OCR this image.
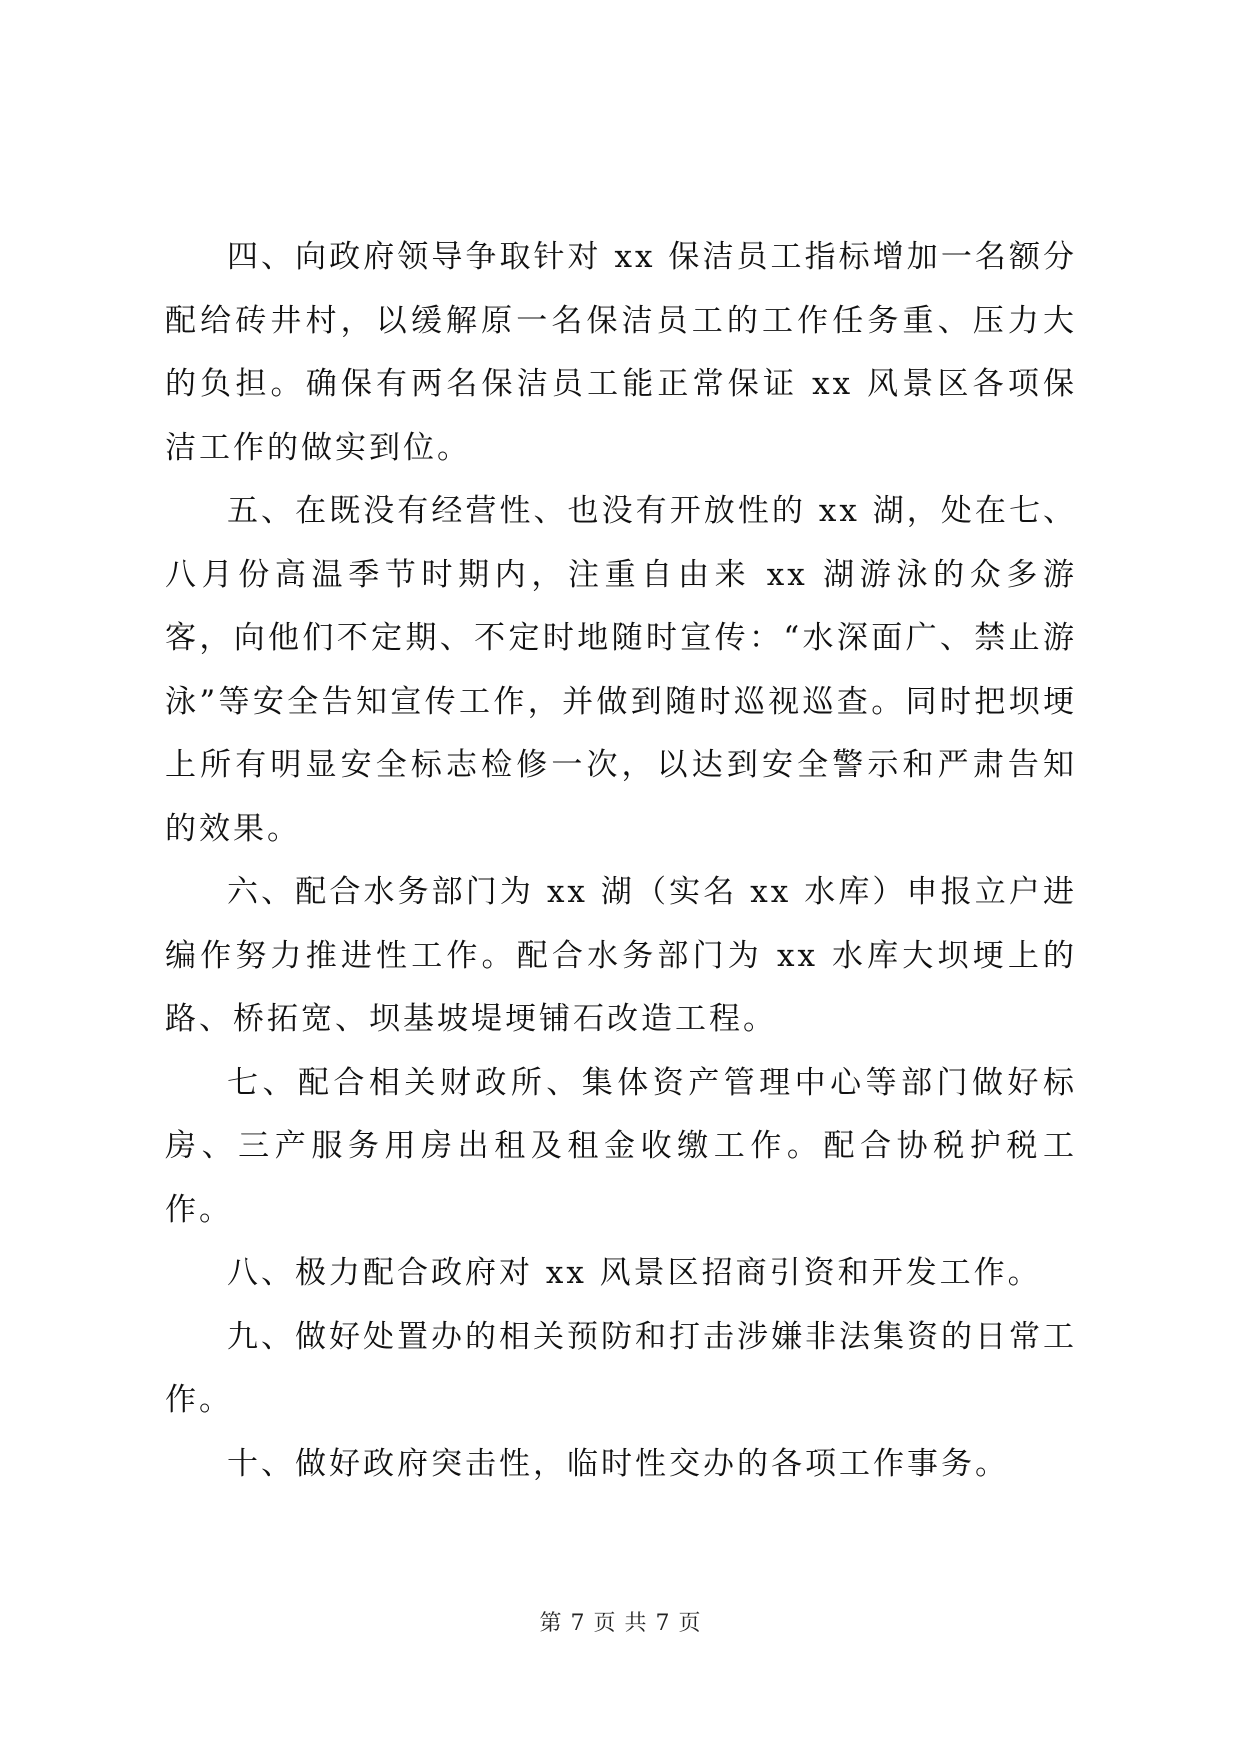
四、向政府领导争取针对 xx 保洁员工指标增加一名额分配给砖井村，以缓解原一名保洁员工的工作任务重、压力大的负担。确保有两名保洁员工能正常保证 xx 风景区各项保洁工作的做实到位。

五、在既没有经营性、也没有开放性的 xx 湖，处在七、八月份高温季节时期内，注重自由来 xx 湖游泳的众多游客，向他们不定期、不定时地随时宣传：“水深面广、禁止游泳”等安全告知宣传工作，并做到随时巡视巡查。同时把坝埂上所有明显安全标志检修一次，以达到安全警示和严肃告知的效果。

六、配合水务部门为 xx 湖（实名 xx 水库）申报立户进编作努力推进性工作。配合水务部门为 xx 水库大坝埂上的路、桥拓宽、坝基坡堤埂铺石改造工程。

七、配合相关财政所、集体资产管理中心等部门做好标房、三产服务用房出租及租金收缴工作。配合协税护税工作。

八、极力配合政府对 xx 风景区招商引资和开发工作。

九、做好处置办的相关预防和打击涉嫌非法集资的日常工作。

十、做好政府突击性，临时性交办的各项工作事务。

第 7 页 共 7 页
